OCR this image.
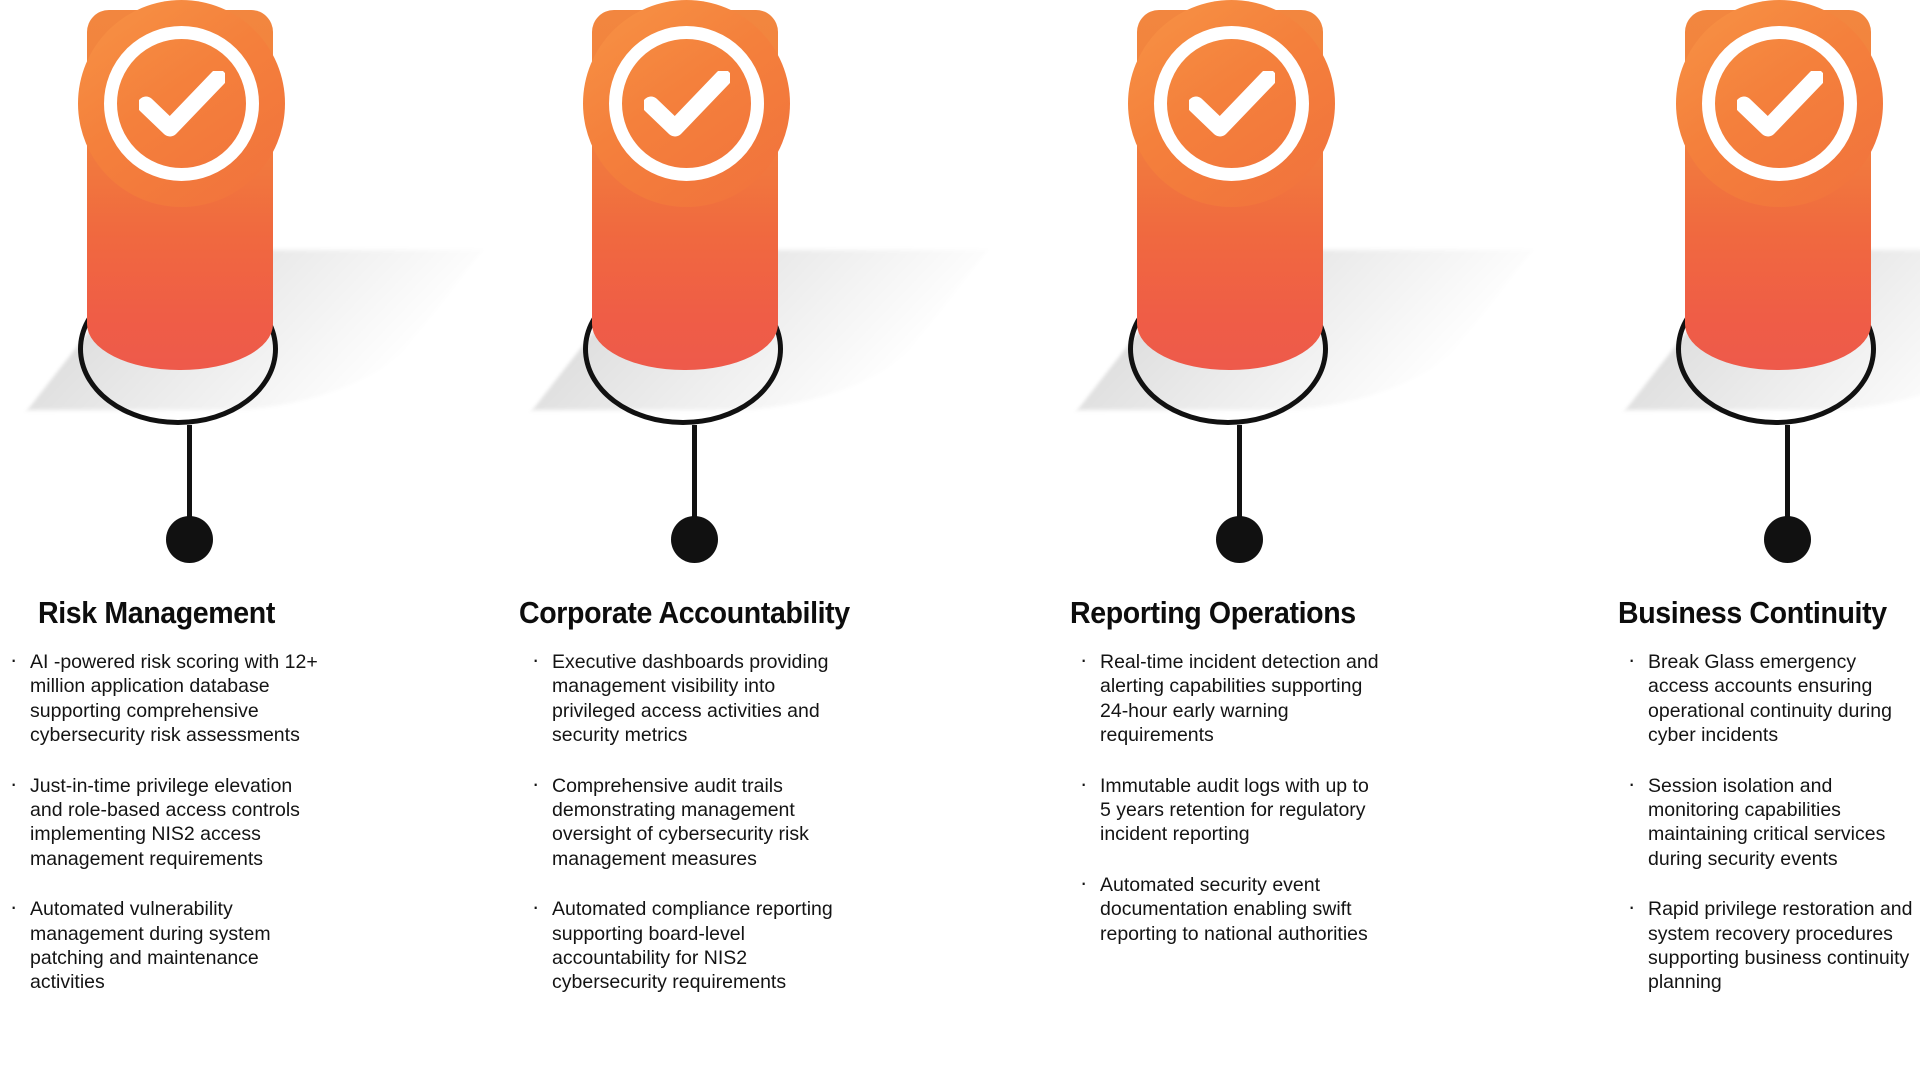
Risk Management
· AI -powered risk scoring with 12+ million application database supporting comprehensive cybersecurity risk assessments
· Just-in-time privilege elevation and role-based access controls implementing NIS2 access management requirements
· Automated vulnerability management during system patching and maintenance activities
Corporate Accountability
· Executive dashboards providing management visibility into privileged access activities and security metrics
· Comprehensive audit trails demonstrating management oversight of cybersecurity risk management measures
· Automated compliance reporting supporting board-level accountability for NIS2 cybersecurity requirements
Reporting Operations
· Real-time incident detection and alerting capabilities supporting 24-hour early warning requirements
· Immutable audit logs with up to 5 years retention for regulatory incident reporting
· Automated security event documentation enabling swift reporting to national authorities
Business Continuity
· Break Glass emergency access accounts ensuring operational continuity during cyber incidents
· Session isolation and monitoring capabilities maintaining critical services during security events
· Rapid privilege restoration and system recovery procedures supporting business continuity planning
